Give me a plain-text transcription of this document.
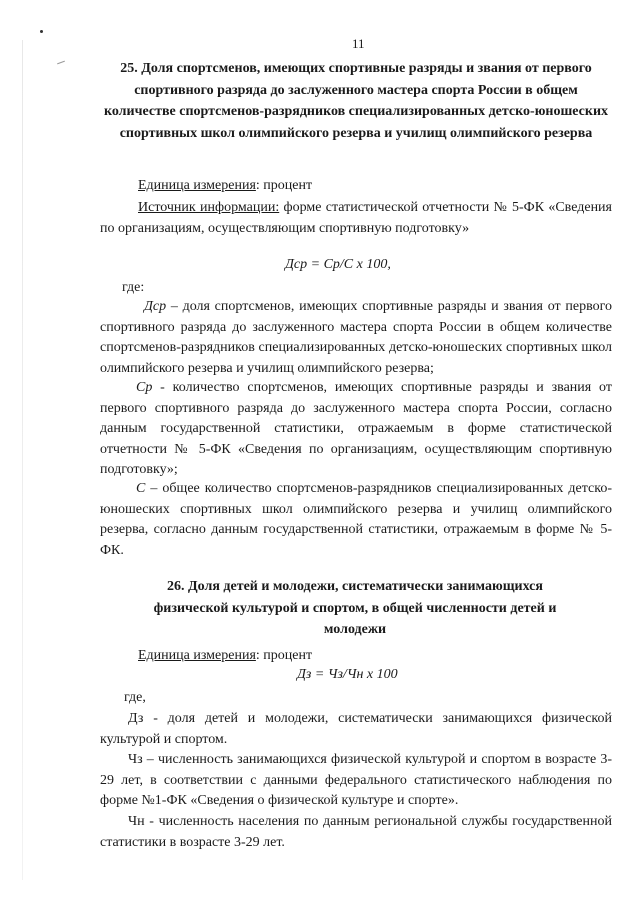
11
25. Доля спортсменов, имеющих спортивные разряды и звания от первого спортивного разряда до заслуженного мастера спорта России в общем количестве спортсменов-разрядников специализированных детско-юношеских спортивных школ олимпийского резерва и училищ олимпийского резерва
Единица измерения: процент
Источник информации: форме статистической отчетности № 5-ФК «Сведения по организациям, осуществляющим спортивную подготовку»
Дср = Ср/С х 100,
где:
Дср – доля спортсменов, имеющих спортивные разряды и звания от первого спортивного разряда до заслуженного мастера спорта России в общем количестве спортсменов-разрядников специализированных детско-юношеских спортивных школ олимпийского резерва и училищ олимпийского резерва;
Ср - количество спортсменов, имеющих спортивные разряды и звания от первого спортивного разряда до заслуженного мастера спорта России, согласно данным государственной статистики, отражаемым в форме статистической отчетности № 5-ФК «Сведения по организациям, осуществляющим спортивную подготовку»;
С – общее количество спортсменов-разрядников специализированных детско-юношеских спортивных школ олимпийского резерва и училищ олимпийского резерва, согласно данным государственной статистики, отражаемым в форме № 5-ФК.
26. Доля детей и молодежи, систематически занимающихся физической культурой и спортом, в общей численности детей и молодежи
Единица измерения: процент
Дз = Чз/Чн х 100
где,
Дз - доля детей и молодежи, систематически занимающихся физической культурой и спортом.
Чз – численность занимающихся физической культурой и спортом в возрасте 3-29 лет, в соответствии с данными федерального статистического наблюдения по форме №1-ФК «Сведения о физической культуре и спорте».
Чн - численность населения по данным региональной службы государственной статистики в возрасте 3-29 лет.
